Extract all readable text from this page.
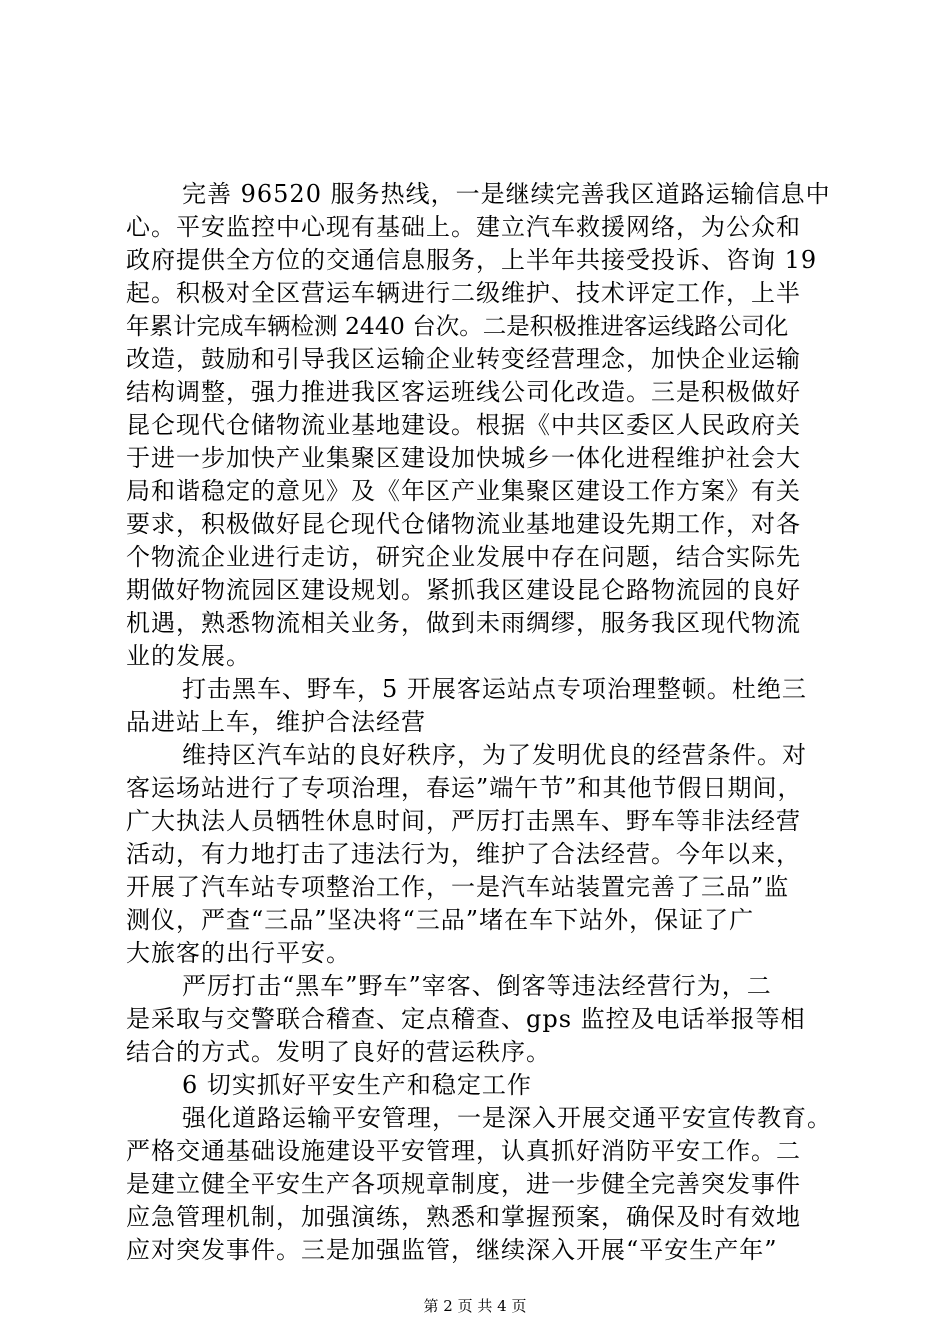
完善 96520 服务热线，一是继续完善我区道路运输信息中
心。平安监控中心现有基础上。建立汽车救援网络，为公众和
政府提供全方位的交通信息服务，上半年共接受投诉、咨询 19
起。积极对全区营运车辆进行二级维护、技术评定工作，上半
年累计完成车辆检测 2440 台次。二是积极推进客运线路公司化
改造，鼓励和引导我区运输企业转变经营理念，加快企业运输
结构调整，强力推进我区客运班线公司化改造。三是积极做好
昆仑现代仓储物流业基地建设。根据《中共区委区人民政府关
于进一步加快产业集聚区建设加快城乡一体化进程维护社会大
局和谐稳定的意见》及《年区产业集聚区建设工作方案》有关
要求，积极做好昆仑现代仓储物流业基地建设先期工作，对各
个物流企业进行走访，研究企业发展中存在问题，结合实际先
期做好物流园区建设规划。紧抓我区建设昆仑路物流园的良好
机遇，熟悉物流相关业务，做到未雨绸缪，服务我区现代物流
业的发展。
打击黑车、野车，5 开展客运站点专项治理整顿。杜绝三
品进站上车，维护合法经营
维持区汽车站的良好秩序，为了发明优良的经营条件。对
客运场站进行了专项治理，春运”端午节”和其他节假日期间，
广大执法人员牺牲休息时间，严厉打击黑车、野车等非法经营
活动，有力地打击了违法行为，维护了合法经营。今年以来，
开展了汽车站专项整治工作，一是汽车站装置完善了三品”监
测仪，严查“三品”坚决将“三品”堵在车下站外，保证了广
大旅客的出行平安。
严厉打击“黑车”野车”宰客、倒客等违法经营行为，二
是采取与交警联合稽查、定点稽查、gps 监控及电话举报等相
结合的方式。发明了良好的营运秩序。
6 切实抓好平安生产和稳定工作
强化道路运输平安管理，一是深入开展交通平安宣传教育。
严格交通基础设施建设平安管理，认真抓好消防平安工作。二
是建立健全平安生产各项规章制度，进一步健全完善突发事件
应急管理机制，加强演练，熟悉和掌握预案，确保及时有效地
应对突发事件。三是加强监管，继续深入开展“平安生产年”
第 2 页 共 4 页
